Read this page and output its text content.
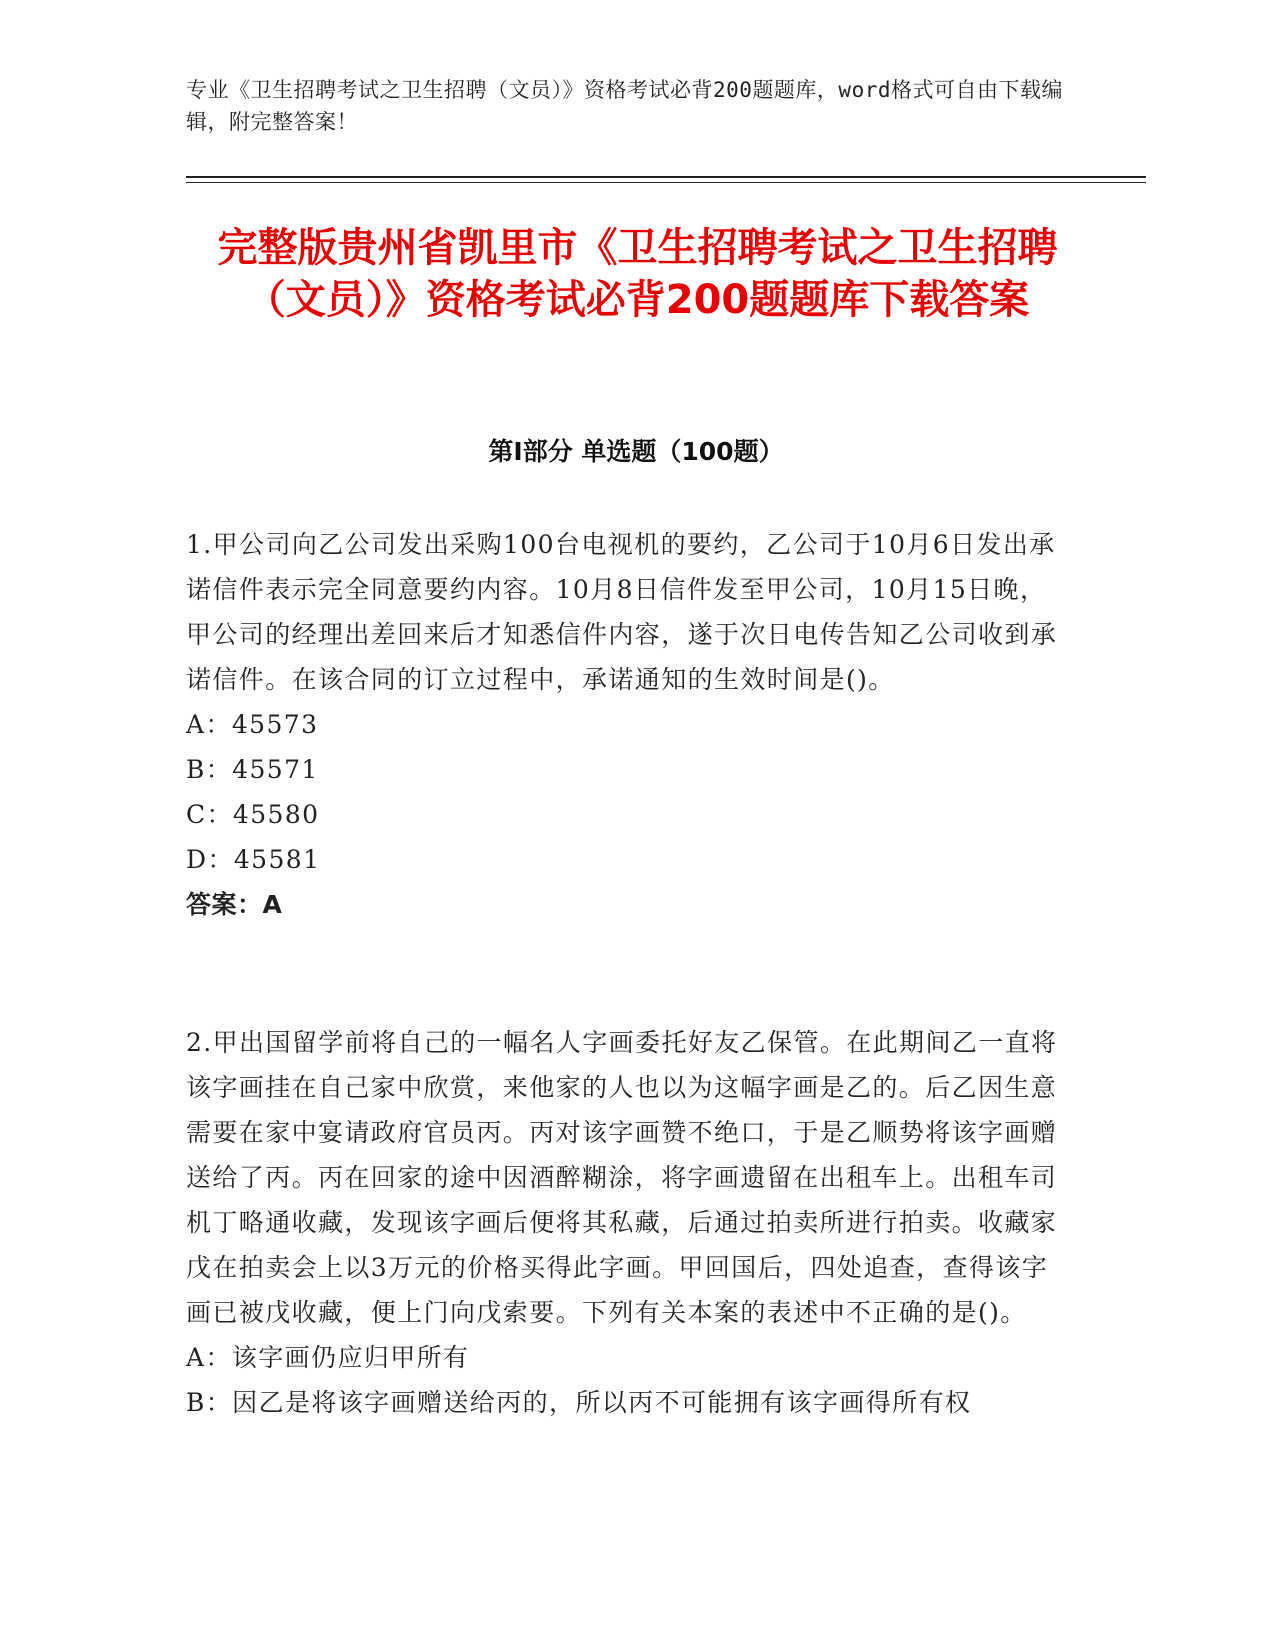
专业《卫生招聘考试之卫生招聘（文员）》资格考试必背200题题库，word格式可自由下载编辑，附完整答案！
完整版贵州省凯里市《卫生招聘考试之卫生招聘（文员）》资格考试必背200题题库下载答案
第Ⅰ部分 单选题（100题）
1.甲公司向乙公司发出采购100台电视机的要约，乙公司于10月6日发出承诺信件表示完全同意要约内容。10月8日信件发至甲公司，10月15日晚，甲公司的经理出差回来后才知悉信件内容，遂于次日电传告知乙公司收到承诺信件。在该合同的订立过程中，承诺通知的生效时间是()。
A：45573
B：45571
C：45580
D：45581
答案：A
2.甲出国留学前将自己的一幅名人字画委托好友乙保管。在此期间乙一直将该字画挂在自己家中欣赏，来他家的人也以为这幅字画是乙的。后乙因生意需要在家中宴请政府官员丙。丙对该字画赞不绝口，于是乙顺势将该字画赠送给了丙。丙在回家的途中因酒醉糊涂，将字画遗留在出租车上。出租车司机丁略通收藏，发现该字画后便将其私藏，后通过拍卖所进行拍卖。收藏家戊在拍卖会上以3万元的价格买得此字画。甲回国后，四处追查，查得该字画已被戊收藏，便上门向戊索要。下列有关本案的表述中不正确的是()。
A：该字画仍应归甲所有
B：因乙是将该字画赠送给丙的，所以丙不可能拥有该字画得所有权
